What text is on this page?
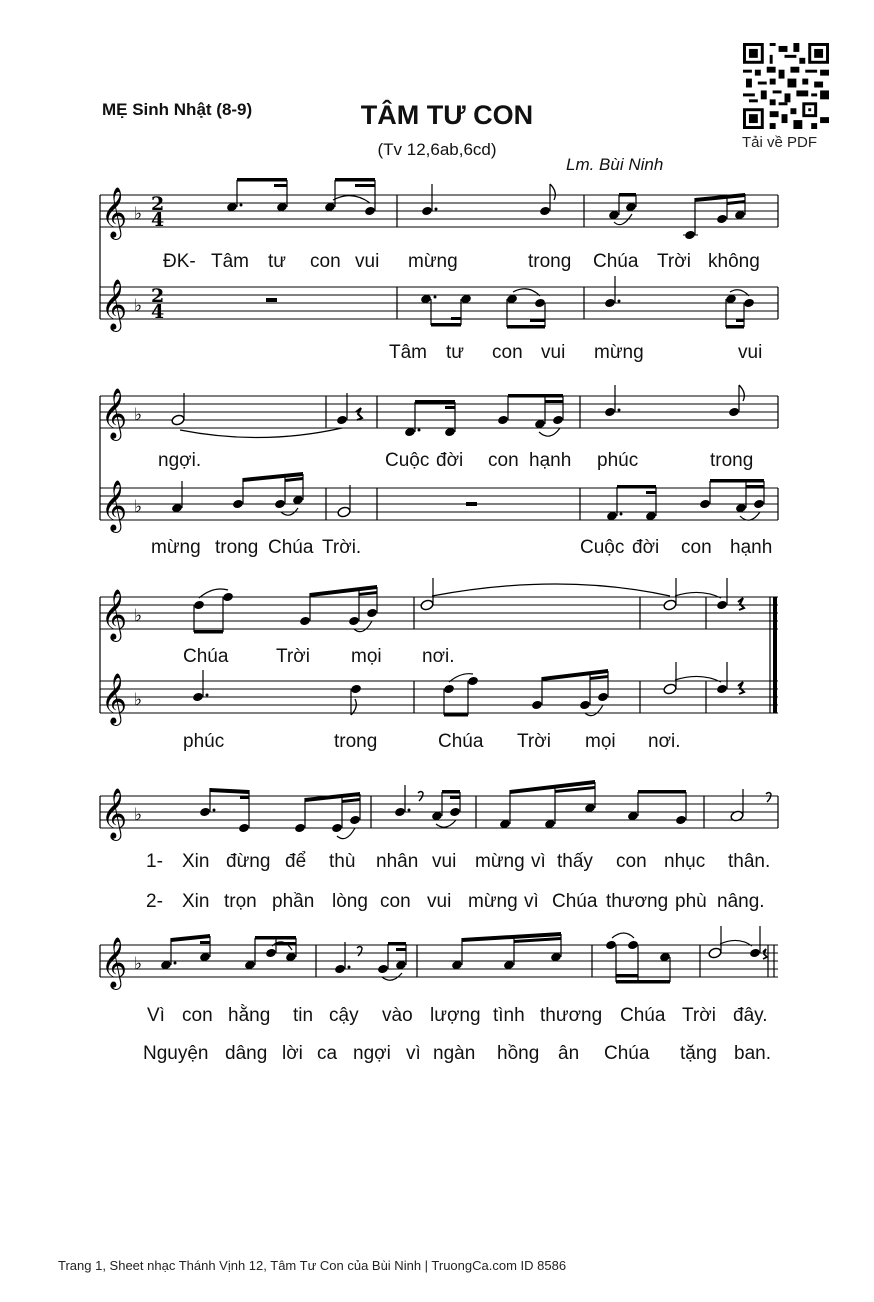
MẸ Sinh Nhật (8-9)	TÂM TƯ CON
(Tv 12,6ab,6cd)
Lm. Bùi Ninh
Tải về PDF
𝄞
𝄞
𝄞
𝄞
𝄞
𝄞
𝄞
𝄞
♭
♭
♭
♭
♭
♭
♭
♭
2
4
2
4
ĐK- Tâm tư con vui mừng	trong Chúa Trời không
Tâm tư con vui mừng	vui
ngợi.	Cuộc đời con hạnh phúc	trong
mừng trong Chúa Trời.	Cuộc đời con hạnh
Chúa	Trời mọi nơi.
phúc	trong	Chúa Trời mọi nơi.
1- Xin đừng để thù nhân vui mừng vì thấy con nhục thân.
2- Xin trọn phần lòng con vui mừng vì Chúa thương phù nâng.
Vì con hằng tin cậy vào lượng tình thương Chúa Trời đây.
Nguyện dâng lời ca ngợi vì ngàn hồng ân Chúa tặng ban.
Trang 1, Sheet nhạc Thánh Vịnh 12, Tâm Tư Con của Bùi Ninh | TruongCa.com ID 8586
